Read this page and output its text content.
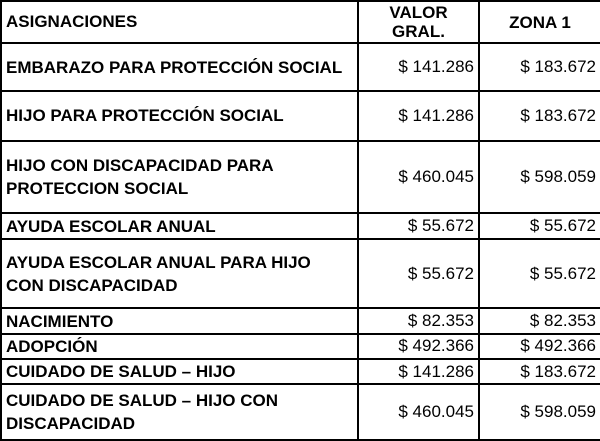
ASIGNACIONES	VALOR GRAL.	ZONA 1
EMBARAZO PARA PROTECCIÓN SOCIAL	$ 141.286	$ 183.672
HIJO PARA PROTECCIÓN SOCIAL	$ 141.286	$ 183.672
HIJO CON DISCAPACIDAD PARA PROTECCION SOCIAL	$ 460.045	$ 598.059
AYUDA ESCOLAR ANUAL	$ 55.672	$ 55.672
AYUDA ESCOLAR ANUAL PARA HIJO CON DISCAPACIDAD	$ 55.672	$ 55.672
NACIMIENTO	$ 82.353	$ 82.353
ADOPCIÓN	$ 492.366	$ 492.366
CUIDADO DE SALUD – HIJO	$ 141.286	$ 183.672
CUIDADO DE SALUD – HIJO CON DISCAPACIDAD	$ 460.045	$ 598.059
